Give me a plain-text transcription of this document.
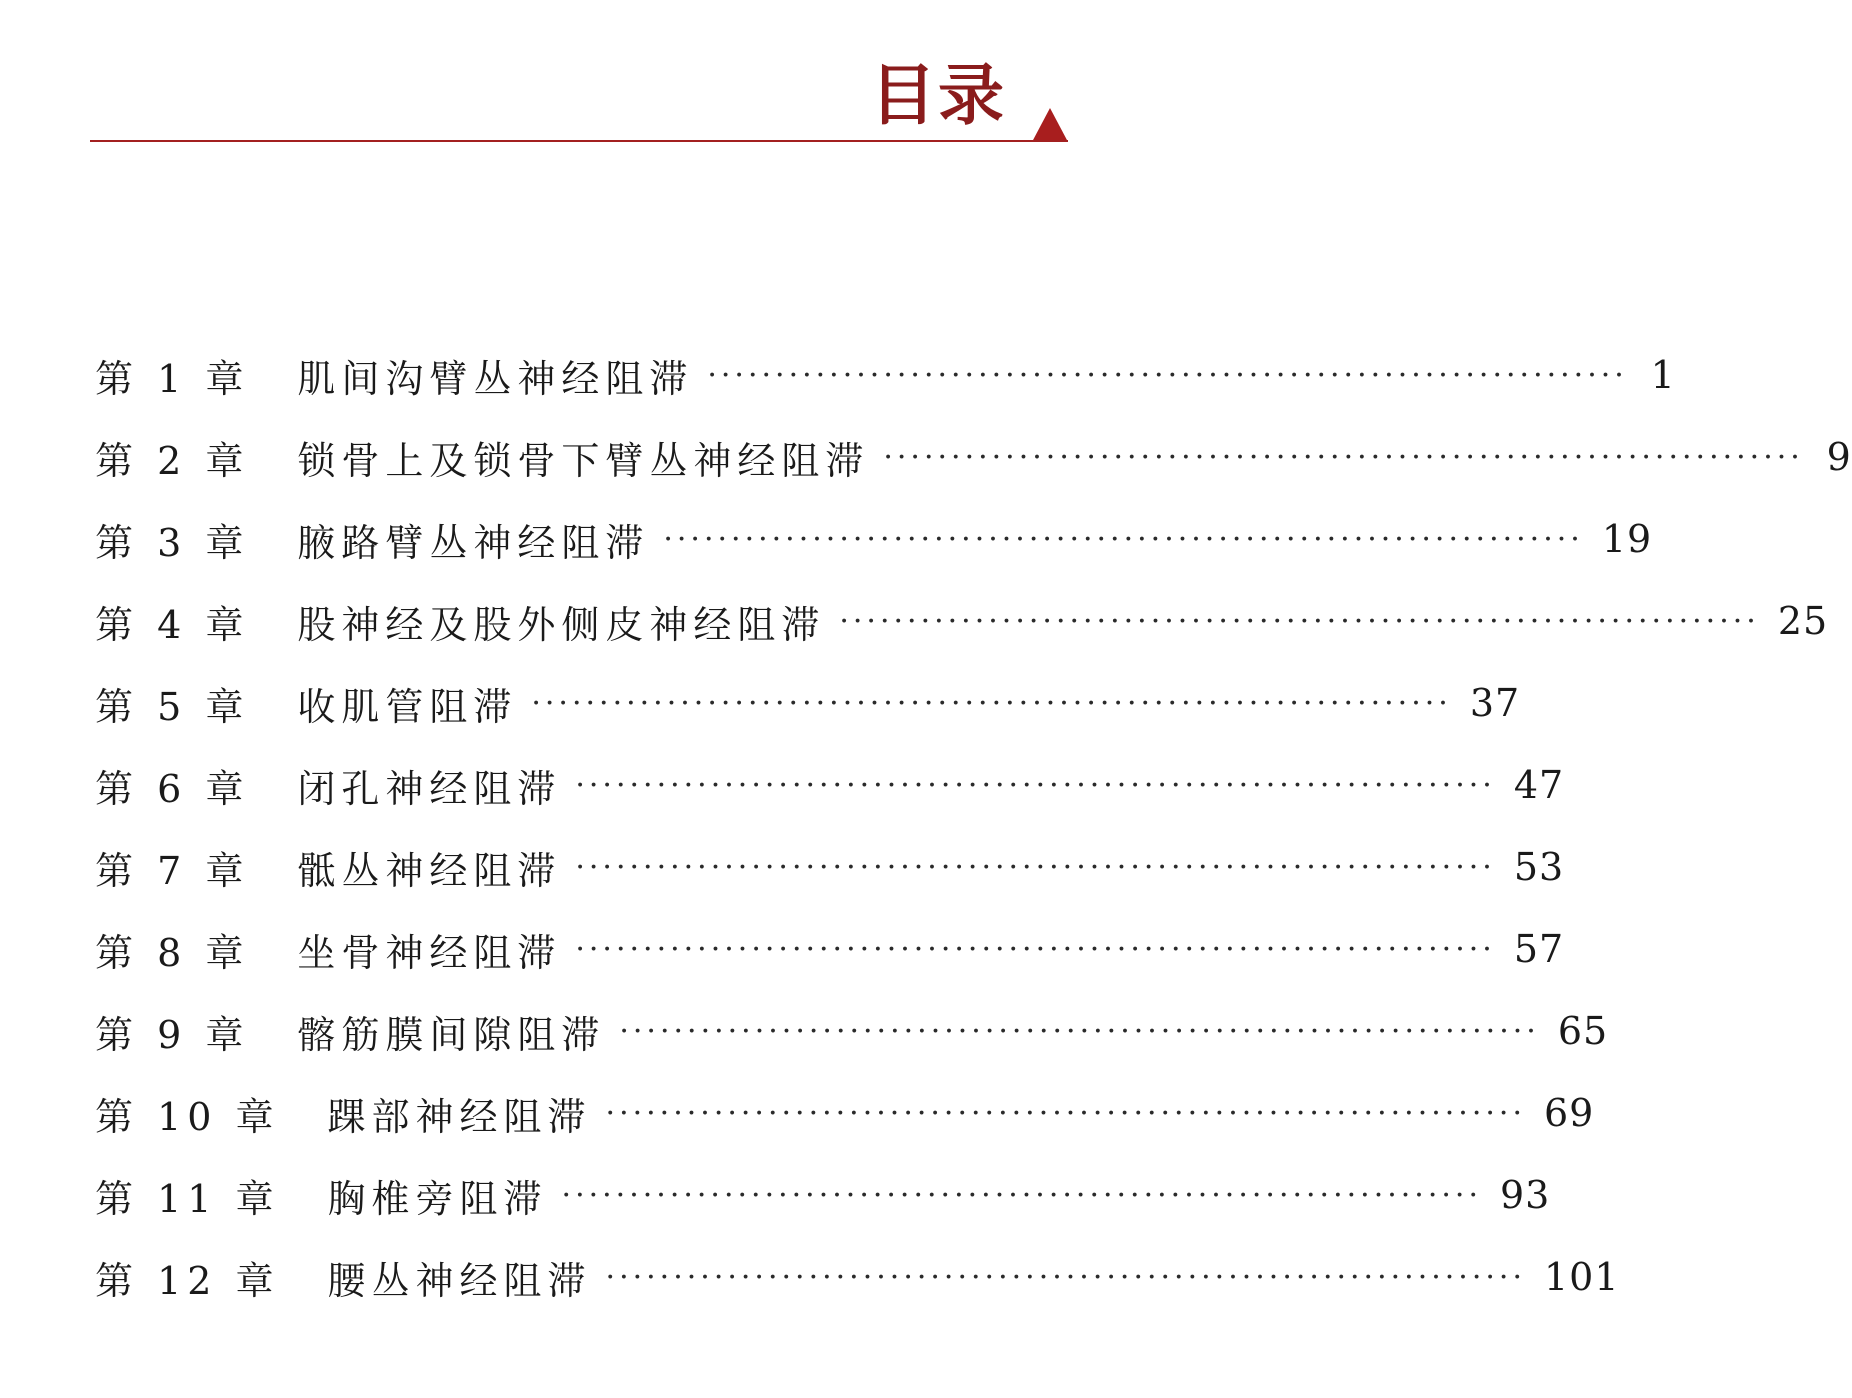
目录
第 1 章 肌间沟臂丛神经阻滞 ···································································· 1
第 2 章 锁骨上及锁骨下臂丛神经阻滞 ···································································· 9
第 3 章 腋路臂丛神经阻滞 ···································································· 19
第 4 章 股神经及股外侧皮神经阻滞 ···································································· 25
第 5 章 收肌管阻滞 ···································································· 37
第 6 章 闭孔神经阻滞 ···································································· 47
第 7 章 骶丛神经阻滞 ···································································· 53
第 8 章 坐骨神经阻滞 ···································································· 57
第 9 章 髂筋膜间隙阻滞 ···································································· 65
第 10 章 踝部神经阻滞 ···································································· 69
第 11 章 胸椎旁阻滞 ···································································· 93
第 12 章 腰丛神经阻滞 ···································································· 101
